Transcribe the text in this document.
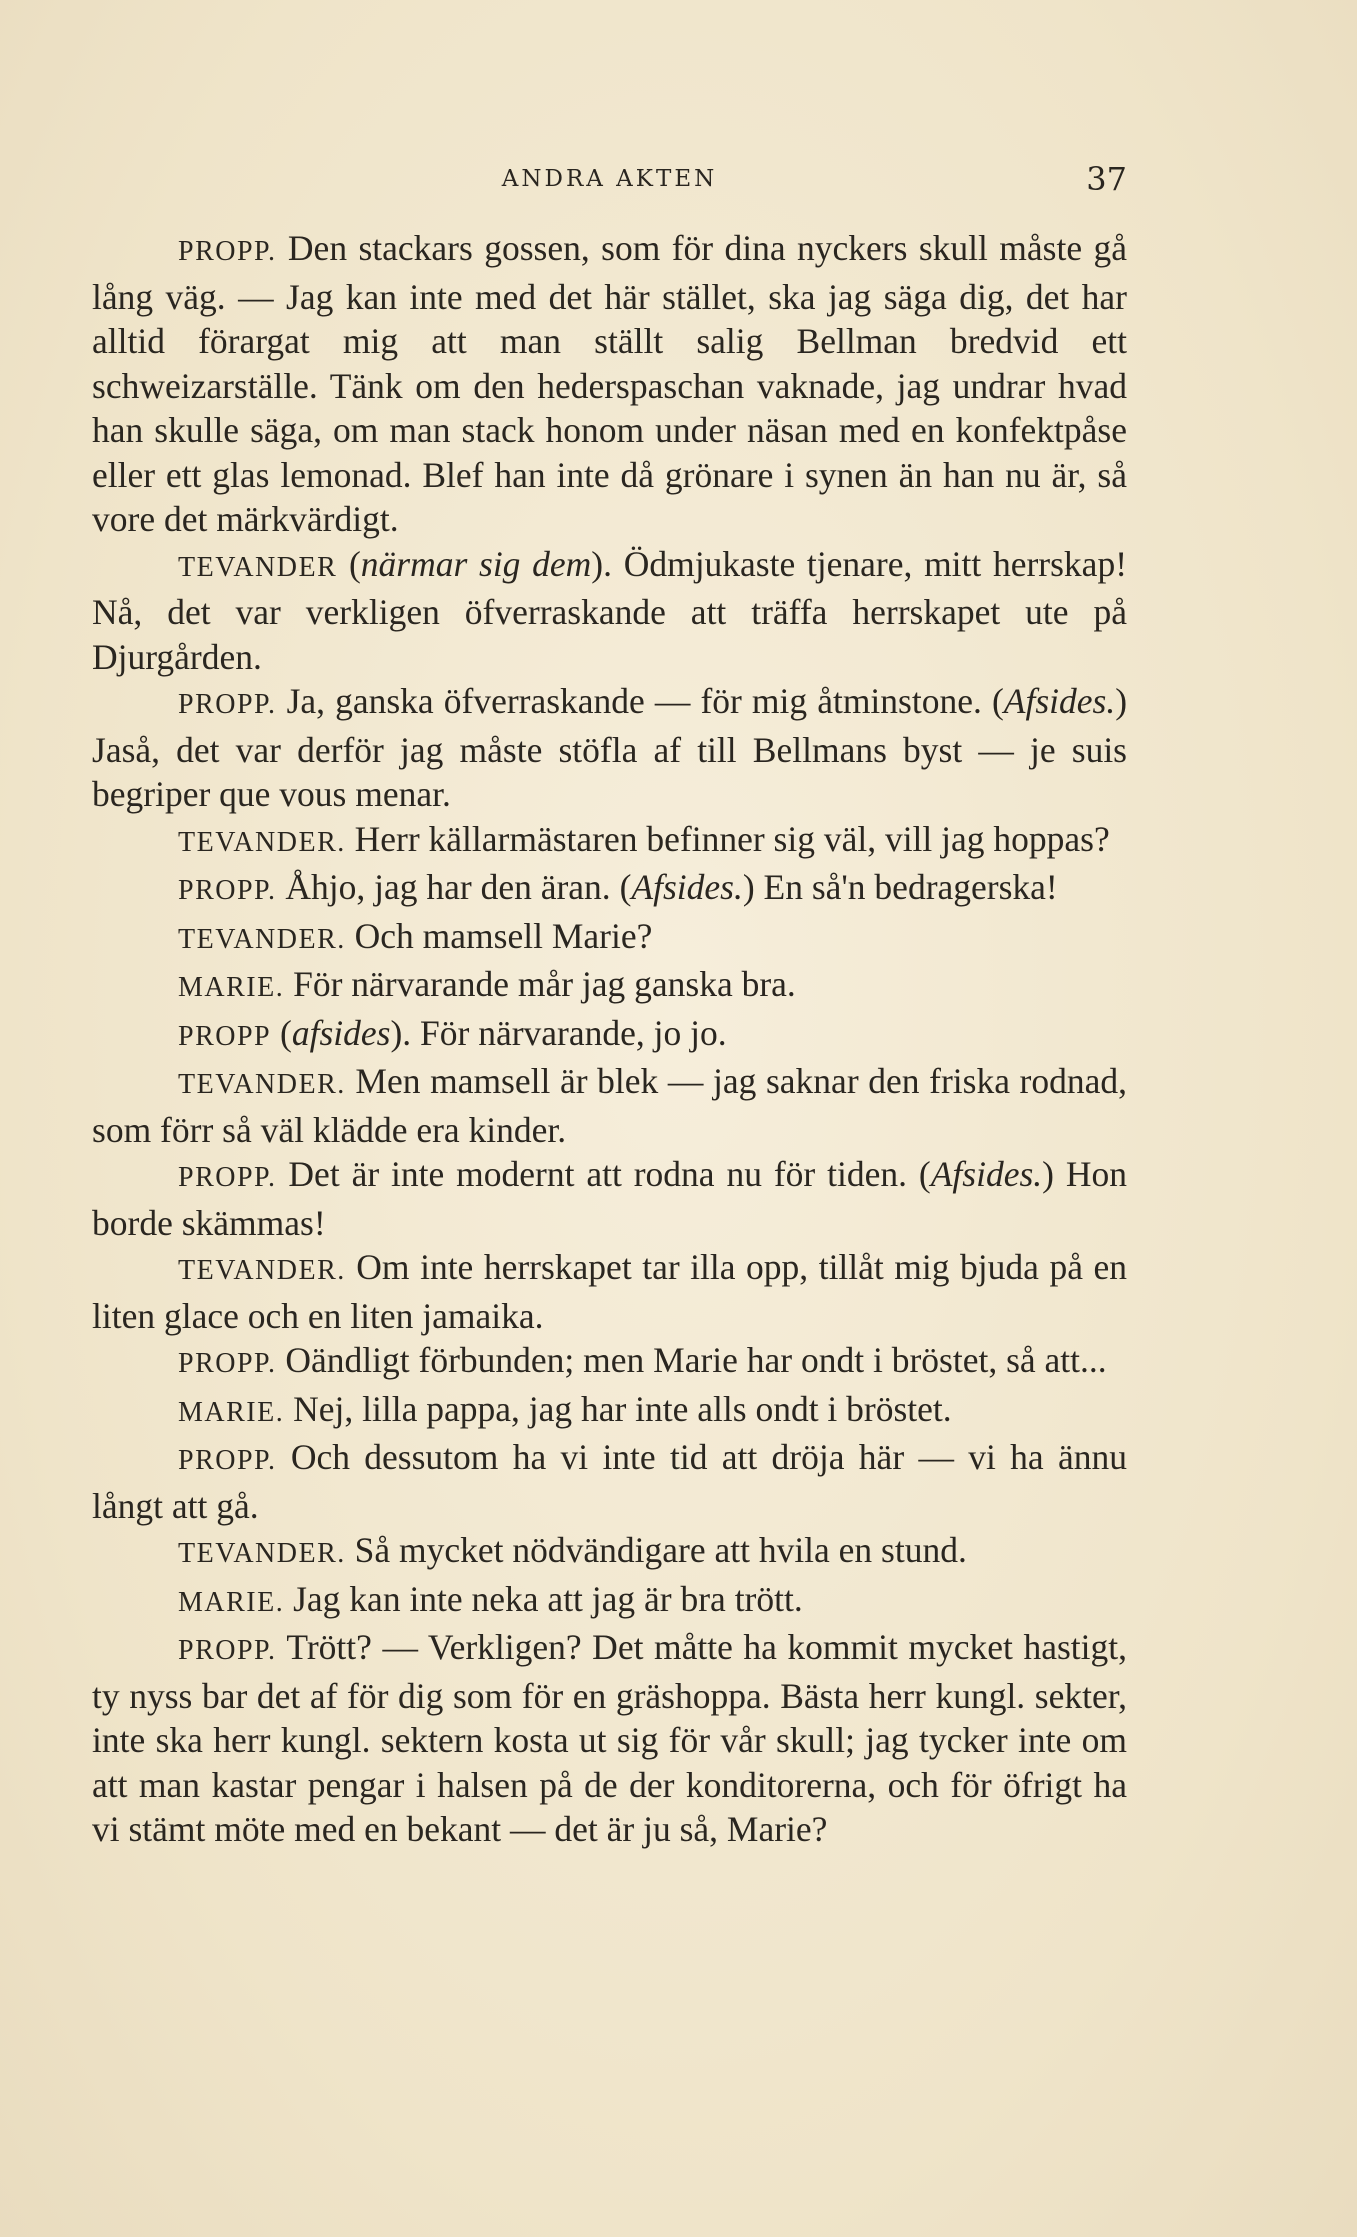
ANDRA AKTEN	37

PROPP. Den stackars gossen, som för dina nyckers skull måste gå lång väg. — Jag kan inte med det här stället, ska jag säga dig, det har alltid förargat mig att man ställt salig Bellman bredvid ett schweizarställe. Tänk om den hederspaschan vaknade, jag undrar hvad han skulle säga, om man stack honom under näsan med en konfektpåse eller ett glas lemonad. Blef han inte då grönare i synen än han nu är, så vore det märkvärdigt.

TEVANDER (närmar sig dem). Ödmjukaste tjenare, mitt herrskap! Nå, det var verkligen öfverraskande att träffa herrskapet ute på Djurgården.

PROPP. Ja, ganska öfverraskande — för mig åtminstone. (Afsides.) Jaså, det var derför jag måste stöfla af till Bellmans byst — je suis begriper que vous menar.

TEVANDER. Herr källarmästaren befinner sig väl, vill jag hoppas?

PROPP. Åhjo, jag har den äran. (Afsides.) En så'n bedragerska!

TEVANDER. Och mamsell Marie?

MARIE. För närvarande mår jag ganska bra.

PROPP (afsides). För närvarande, jo jo.

TEVANDER. Men mamsell är blek — jag saknar den friska rodnad, som förr så väl klädde era kinder.

PROPP. Det är inte modernt att rodna nu för tiden. (Afsides.) Hon borde skämmas!

TEVANDER. Om inte herrskapet tar illa opp, tillåt mig bjuda på en liten glace och en liten jamaika.

PROPP. Oändligt förbunden; men Marie har ondt i bröstet, så att...

MARIE. Nej, lilla pappa, jag har inte alls ondt i bröstet.

PROPP. Och dessutom ha vi inte tid att dröja här — vi ha ännu långt att gå.

TEVANDER. Så mycket nödvändigare att hvila en stund.

MARIE. Jag kan inte neka att jag är bra trött.

PROPP. Trött? — Verkligen? Det måtte ha kommit mycket hastigt, ty nyss bar det af för dig som för en gräshoppa. Bästa herr kungl. sekter, inte ska herr kungl. sektern kosta ut sig för vår skull; jag tycker inte om att man kastar pengar i halsen på de der konditorerna, och för öfrigt ha vi stämt möte med en bekant — det är ju så, Marie?
